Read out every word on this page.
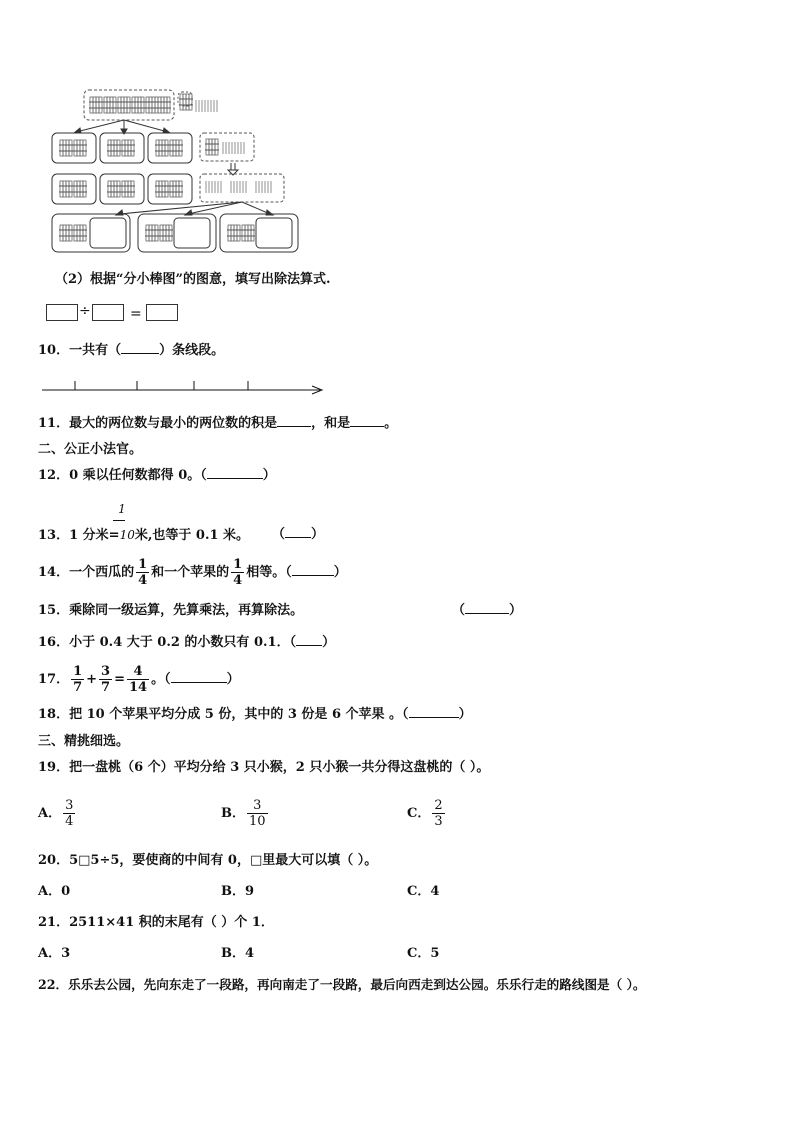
（2）根据“分小棒图”的图意，填写出除法算式.
÷	=
10．一共有（	）条线段。
11．最大的两位数与最小的两位数的积是	，和是	。
二、公正小法官。
12．0 乘以任何数都得 0。（	）
1
13．1 分米=10米,也等于 0.1 米。 （ ）
14．一个西瓜的 $\frac{1}{4}$ 和一个苹果的 $\frac{1}{4}$ 相等。（	）
15．乘除同一级运算，先算乘法，再算除法。	（	）
16．小于 0.4 大于 0.2 的小数只有 0.1．（ ）
17． $\frac{1}{7} + \frac{3}{7} = \frac{4}{14}$ 。（	）
18．把 10 个苹果平均分成 5 份，其中的 3 份是 6 个苹果 。（	）
三、精挑细选。
19．把一盘桃（6 个）平均分给 3 只小猴，2 只小猴一共分得这盘桃的（ ）。
A． $\frac{3}{4}$	B． $\frac{3}{10}$	C． $\frac{2}{3}$
20．5□5÷5，要使商的中间有 0，□里最大可以填（ ）。
A．0	B．9	C．4
21．2511×41 积的末尾有（ ）个 1．
A．3	B．4	C．5
22．乐乐去公园，先向东走了一段路，再向南走了一段路，最后向西走到达公园。乐乐行走的路线图是（ ）。
